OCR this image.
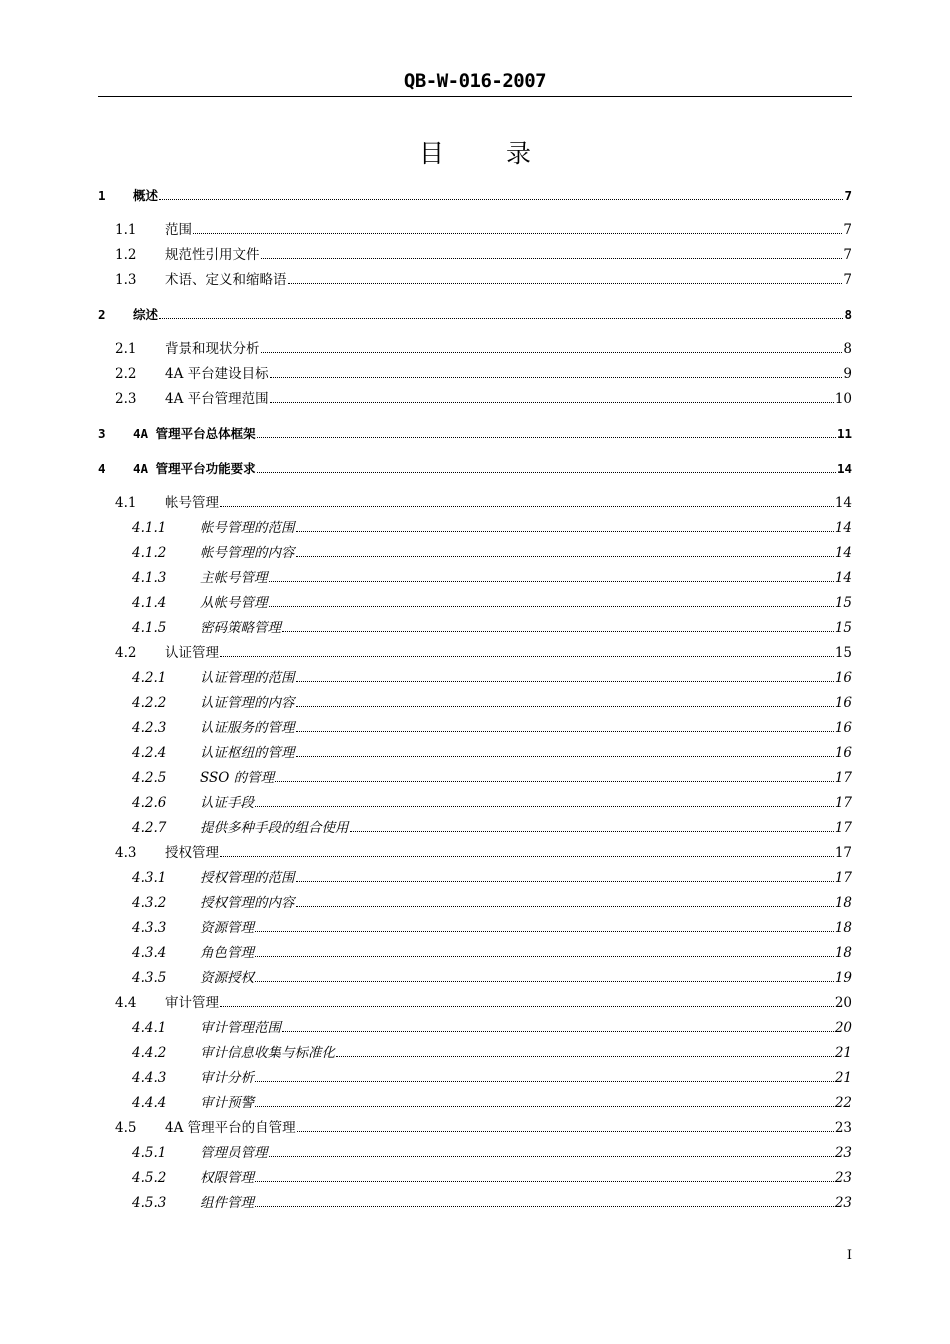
QB-W-016-2007
目 录
1	概述	7
1.1	范围	7
1.2	规范性引用文件	7
1.3	术语、定义和缩略语	7
2	综述	8
2.1	背景和现状分析	8
2.2	4A 平台建设目标	9
2.3	4A 平台管理范围	10
3	4A 管理平台总体框架	11
4	4A 管理平台功能要求	14
4.1	帐号管理	14
4.1.1	帐号管理的范围	14
4.1.2	帐号管理的内容	14
4.1.3	主帐号管理	14
4.1.4	从帐号管理	15
4.1.5	密码策略管理	15
4.2	认证管理	15
4.2.1	认证管理的范围	16
4.2.2	认证管理的内容	16
4.2.3	认证服务的管理	16
4.2.4	认证枢纽的管理	16
4.2.5	SSO 的管理	17
4.2.6	认证手段	17
4.2.7	提供多种手段的组合使用	17
4.3	授权管理	17
4.3.1	授权管理的范围	17
4.3.2	授权管理的内容	18
4.3.3	资源管理	18
4.3.4	角色管理	18
4.3.5	资源授权	19
4.4	审计管理	20
4.4.1	审计管理范围	20
4.4.2	审计信息收集与标准化	21
4.4.3	审计分析	21
4.4.4	审计预警	22
4.5	4A 管理平台的自管理	23
4.5.1	管理员管理	23
4.5.2	权限管理	23
4.5.3	组件管理	23
I
